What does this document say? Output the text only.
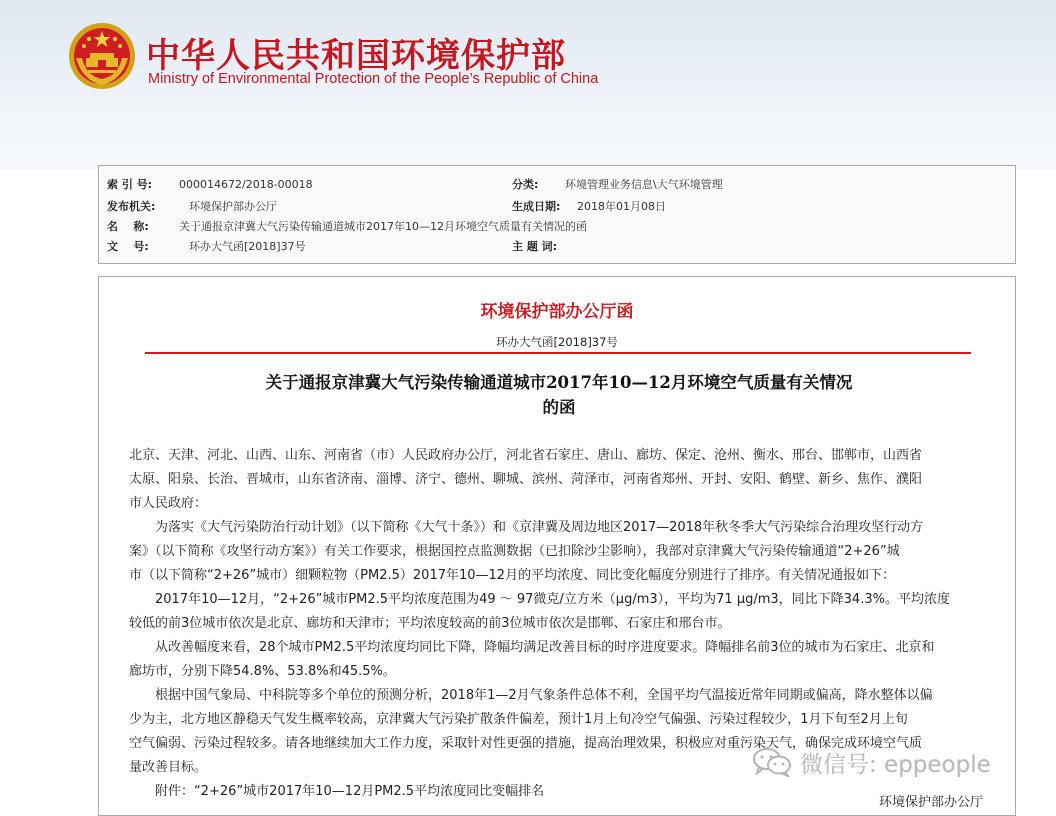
中华人民共和国环境保护部
Ministry of Environmental Protection of the People’s Republic of China
索 引 号: 000014672/2018-00018	分类: 环境管理业务信息\大气环境管理
发布机关:	环境保护部办公厅	生成日期: 2018年01月08日
名    称:	关于通报京津冀大气污染传输通道城市2017年10—12月环境空气质量有关情况的函
文    号:	环办大气函[2018]37号	主 题 词:
环境保护部办公厅函
环办大气函[2018]37号
关于通报京津冀大气污染传输通道城市2017年10—12月环境空气质量有关情况
的函

北京、天津、河北、山西、山东、河南省（市）人民政府办公厅，河北省石家庄、唐山、廊坊、保定、沧州、衡水、邢台、邯郸市，山西省

太原、阳泉、长治、晋城市，山东省济南、淄博、济宁、德州、聊城、滨州、菏泽市，河南省郑州、开封、安阳、鹤壁、新乡、焦作、濮阳

市人民政府：

为落实《大气污染防治行动计划》（以下简称《大气十条》）和《京津冀及周边地区2017—2018年秋冬季大气污染综合治理攻坚行动方

案》（以下简称《攻坚行动方案》）有关工作要求，根据国控点监测数据（已扣除沙尘影响），我部对京津冀大气污染传输通道“2+26”城

市（以下简称“2+26”城市）细颗粒物（PM2.5）2017年10—12月的平均浓度、同比变化幅度分别进行了排序。有关情况通报如下：

2017年10—12月，“2+26”城市PM2.5平均浓度范围为49 ～ 97微克/立方米（μg/m3），平均为71 μg/m3，同比下降34.3%。平均浓度

较低的前3位城市依次是北京、廊坊和天津市；平均浓度较高的前3位城市依次是邯郸、石家庄和邢台市。

从改善幅度来看，28个城市PM2.5平均浓度均同比下降，降幅均满足改善目标的时序进度要求。降幅排名前3位的城市为石家庄、北京和

廊坊市，分别下降54.8%、53.8%和45.5%。

根据中国气象局、中科院等多个单位的预测分析，2018年1—2月气象条件总体不利，全国平均气温接近常年同期或偏高，降水整体以偏

少为主，北方地区静稳天气发生概率较高，京津冀大气污染扩散条件偏差，预计1月上旬冷空气偏强、污染过程较少，1月下旬至2月上旬

空气偏弱、污染过程较多。请各地继续加大工作力度，采取针对性更强的措施，提高治理效果，积极应对重污染天气，确保完成环境空气质

量改善目标。

附件：“2+26”城市2017年10—12月PM2.5平均浓度同比变幅排名

环境保护部办公厅
微信号: eppeople
